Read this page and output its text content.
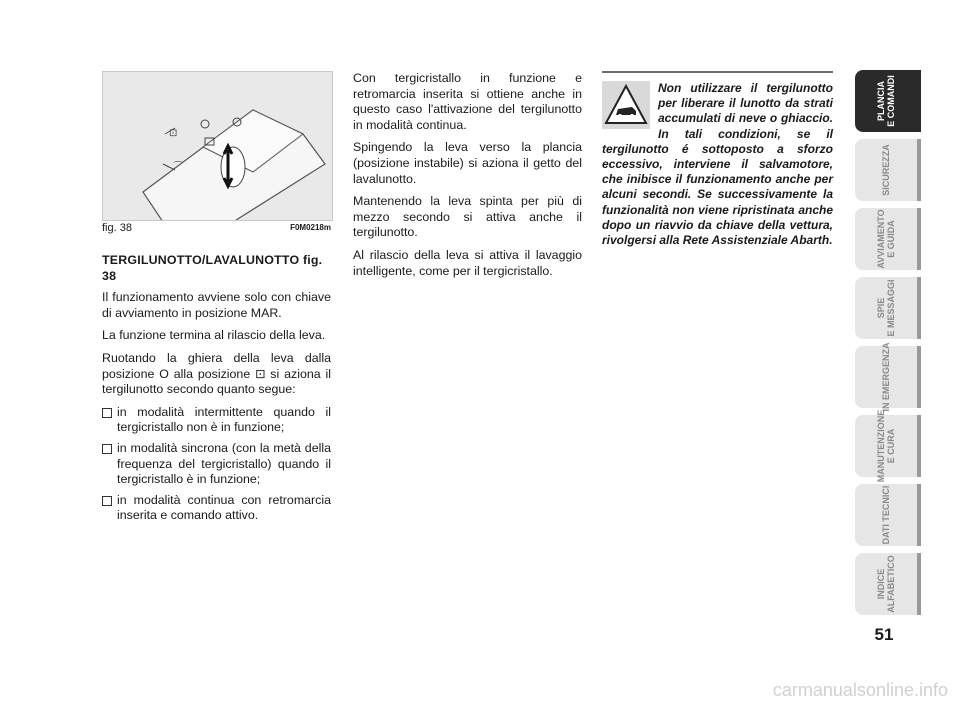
⊡
⌒
fig. 38	F0M0218m
TERGILUNOTTO/LAVALUNOTTO fig. 38

Il funzionamento avviene solo con chiave di avviamento in posizione MAR.

La funzione termina al rilascio della leva.

Ruotando la ghiera della leva dalla posizione O alla posizione ⊡ si aziona il tergilunotto secondo quanto segue:

in modalità intermittente quando il tergicristallo non è in funzione;
in modalità sincrona (con la metà della frequenza del tergicristallo) quando il tergicristallo è in funzione;
in modalità continua con retromarcia inserita e comando attivo.

Con tergicristallo in funzione e retromarcia inserita si ottiene anche in questo caso l'attivazione del tergilunotto in modalità continua.

Spingendo la leva verso la plancia (posizione instabile) si aziona il getto del lavalunotto.

Mantenendo la leva spinta per più di mezzo secondo si attiva anche il tergilunotto.

Al rilascio della leva si attiva il lavaggio intelligente, come per il tergicristallo.

Non utilizzare il tergilunotto per liberare il lunotto da strati accumulati di neve o ghiaccio. In tali condizioni, se il tergilunotto é sottoposto a sforzo eccessivo, interviene il salvamotore, che inibisce il funzionamento anche per alcuni secondi. Se successivamente la funzionalità non viene ripristinata anche dopo un riavvio da chiave della vettura, rivolgersi alla Rete Assistenziale Abarth.

PLANCIA
E COMANDI
SICUREZZA
AVVIAMENTO
E GUIDA
SPIE
E MESSAGGI
IN EMERGENZA
MANUTENZIONE
E CURA
DATI TECNICI
INDICE
ALFABETICO
51
carmanualsonline.info
